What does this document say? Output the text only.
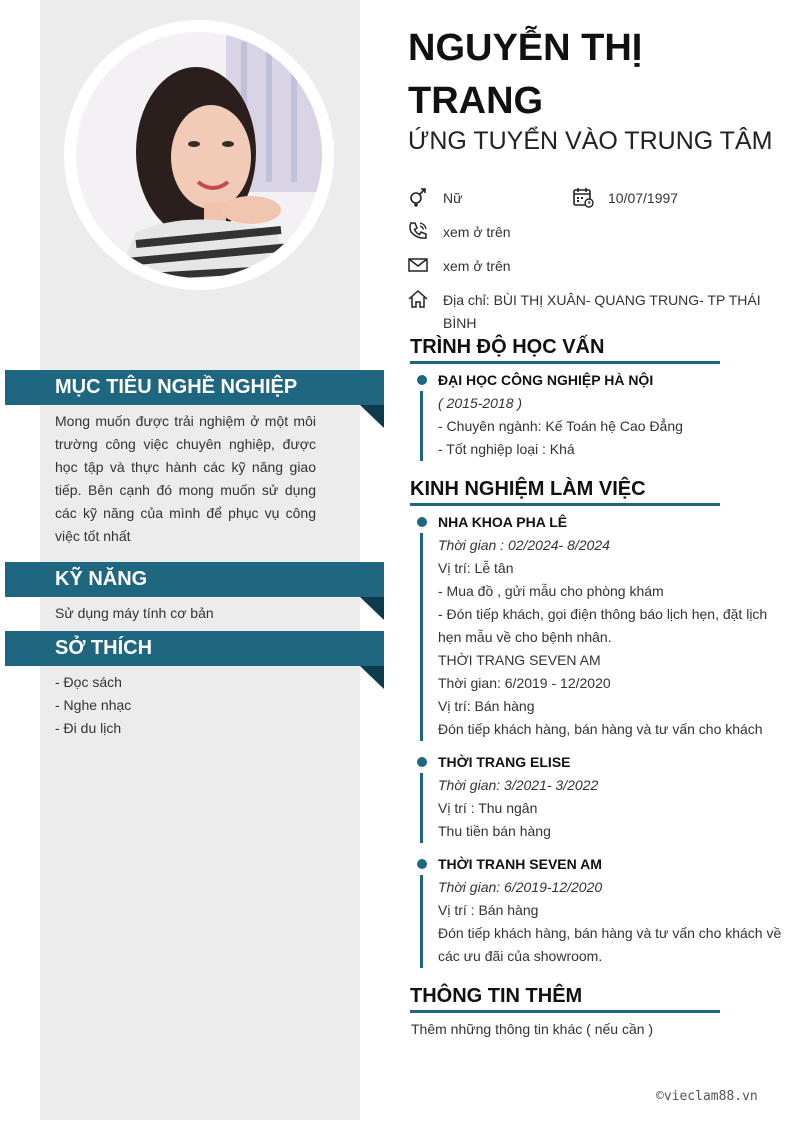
MỤC TIÊU NGHỀ NGHIỆP
Mong muốn được trải nghiệm ở một môi trường công việc chuyên nghiệp, được học tập và thực hành các kỹ năng giao tiếp. Bên cạnh đó mong muốn sử dụng các kỹ năng của mình để phục vụ công việc tốt nhất
KỸ NĂNG
Sử dụng máy tính cơ bản
SỞ THÍCH
- Đọc sách
- Nghe nhạc
- Đi du lịch
NGUYỄN THỊ TRANG
ỨNG TUYỂN VÀO TRUNG TÂM
Nữ	10/07/1997
xem ở trên
xem ở trên
Địa chỉ: BÙI THỊ XUÂN- QUANG TRUNG- TP THÁI BÌNH
TRÌNH ĐỘ HỌC VẤN
ĐẠI HỌC CÔNG NGHIỆP HÀ NỘI
( 2015-2018 )
- Chuyên ngành: Kế Toán hệ Cao Đẳng
- Tốt nghiệp loại : Khá
KINH NGHIỆM LÀM VIỆC
NHA KHOA PHA LÊ
Thời gian : 02/2024- 8/2024
Vị trí: Lễ tân
- Mua đồ , gửi mẫu cho phòng khám
- Đón tiếp khách, gọi điện thông báo lịch hẹn, đặt lịch hẹn mẫu về cho bệnh nhân.
THỜI TRANG SEVEN AM
Thời gian: 6/2019 - 12/2020
Vị trí: Bán hàng
Đón tiếp khách hàng, bán hàng và tư vấn cho khách
THỜI TRANG ELISE
Thời gian: 3/2021- 3/2022
Vị trí : Thu ngân
Thu tiền bán hàng
THỜI TRANH SEVEN AM
Thời gian: 6/2019-12/2020
Vị trí : Bán hàng
Đón tiếp khách hàng, bán hàng và tư vấn cho khách về các ưu đãi của showroom.
THÔNG TIN THÊM
Thêm những thông tin khác ( nếu cần )
©vieclam88.vn
